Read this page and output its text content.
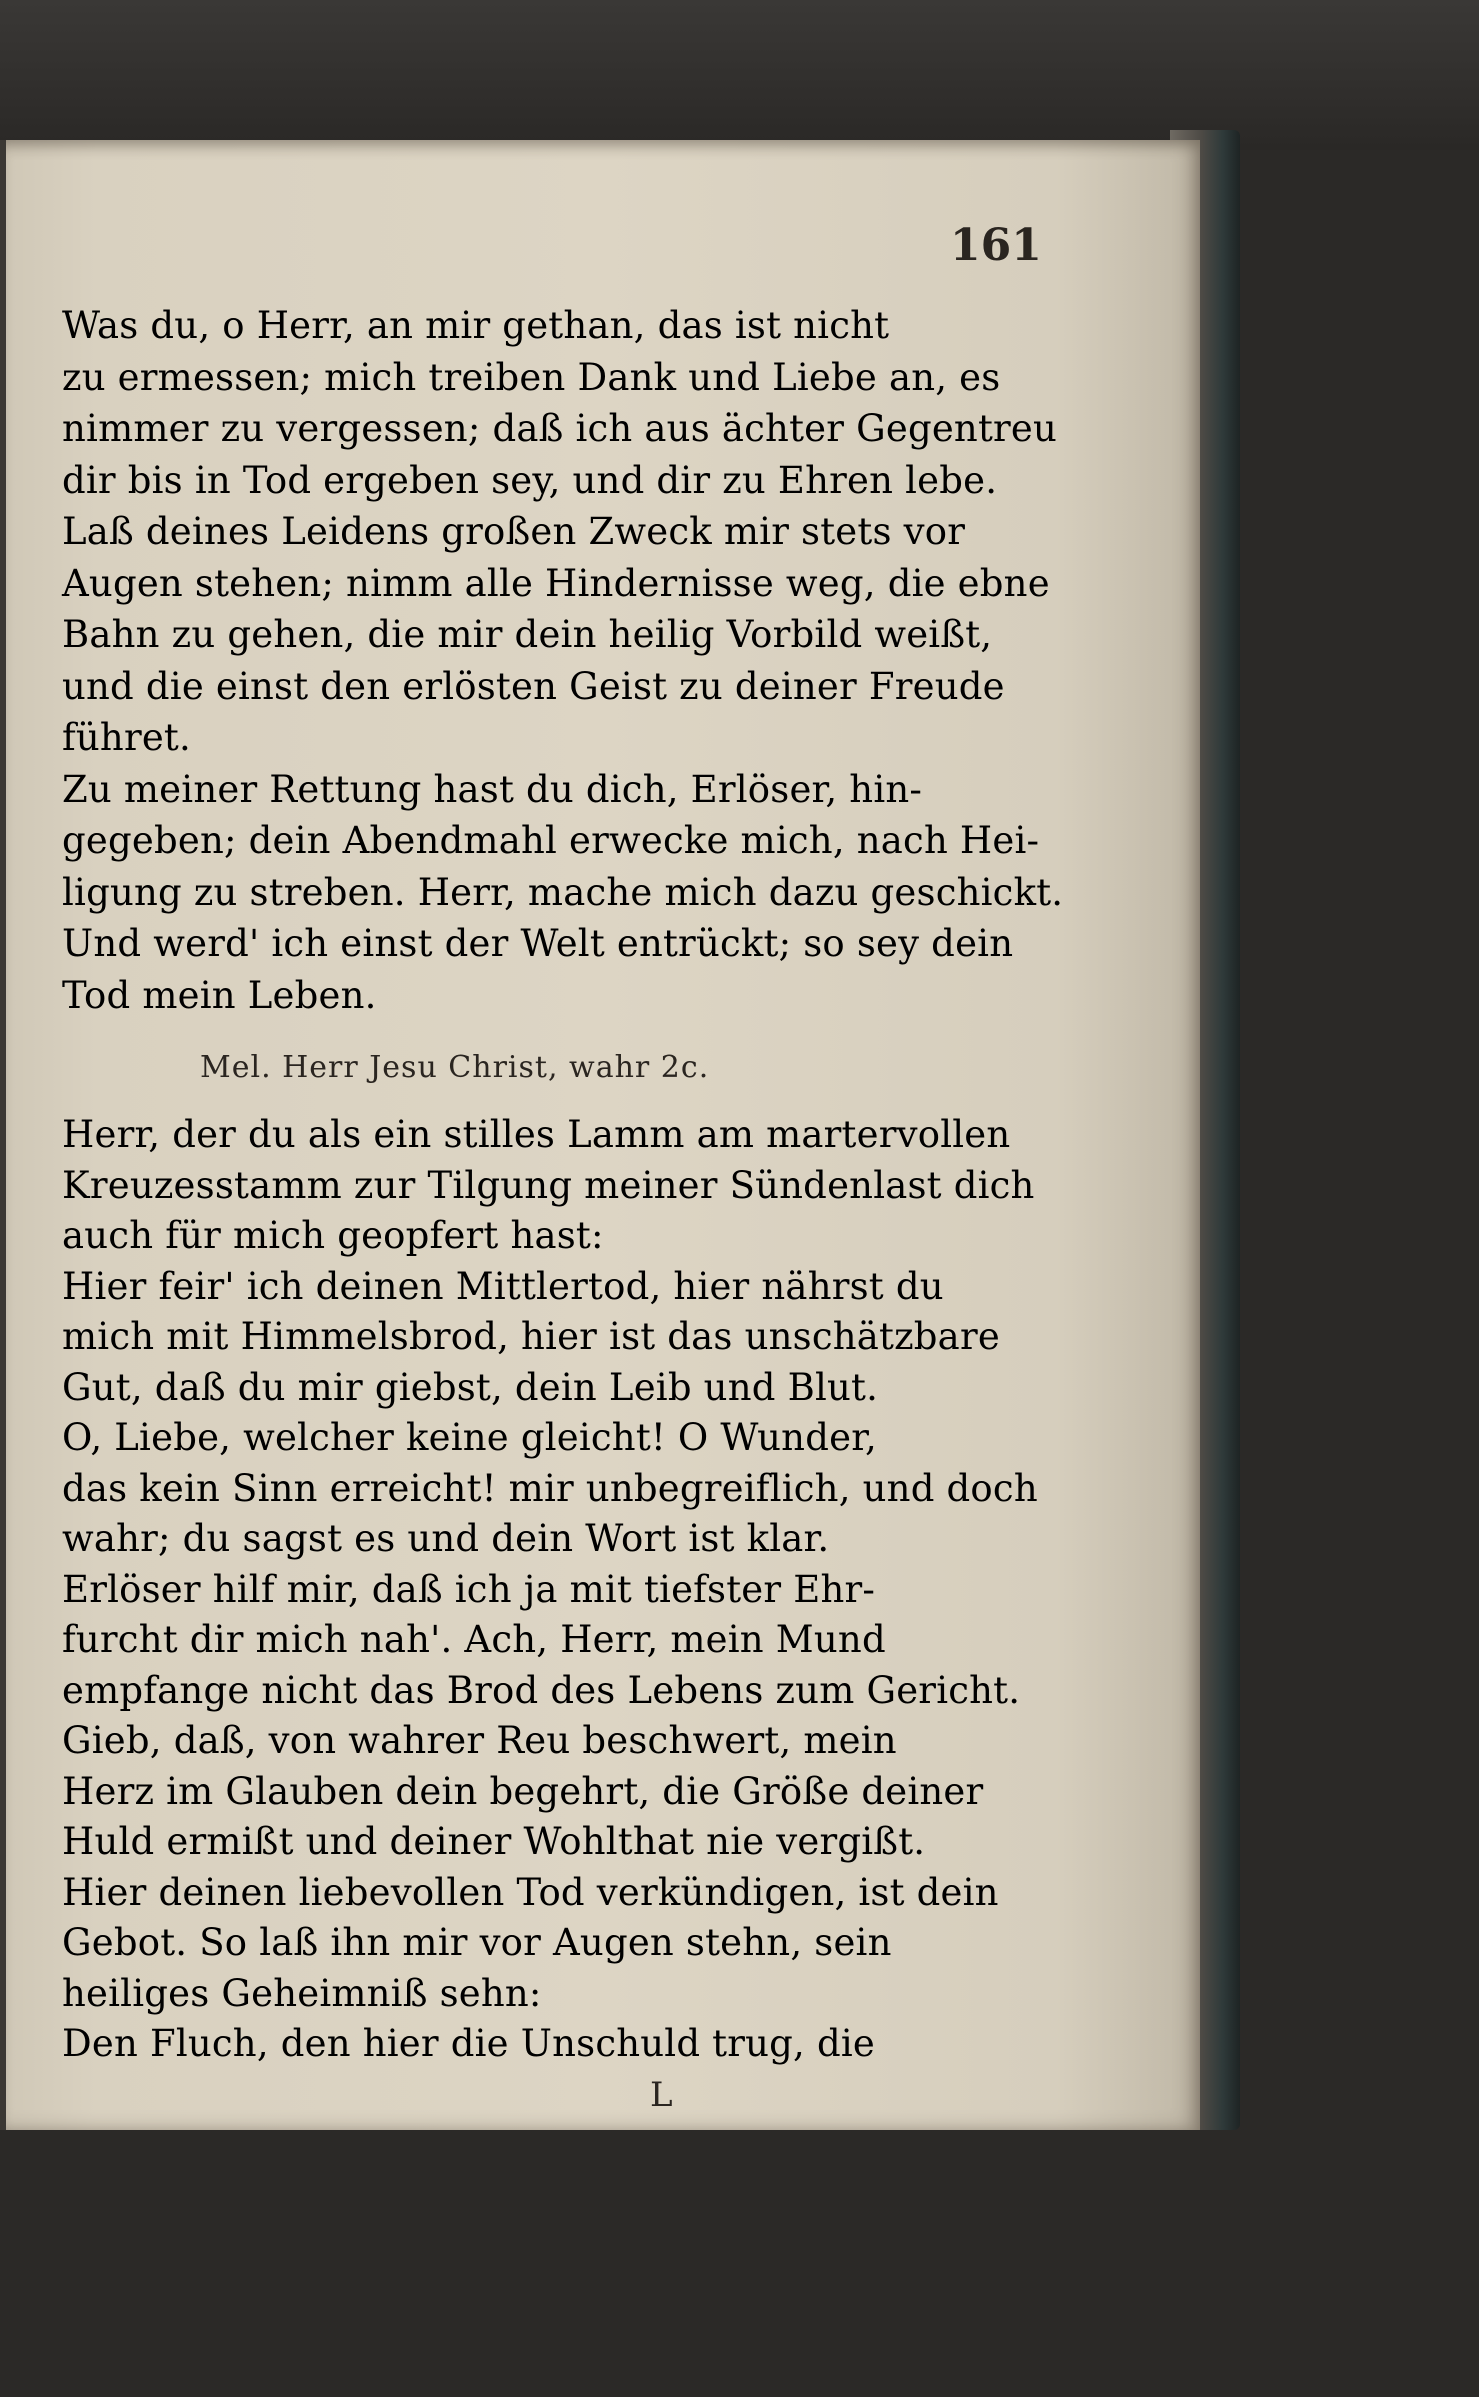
161
Was du, o Herr, an mir gethan, das ist nicht
zu ermessen; mich treiben Dank und Liebe an, es
nimmer zu vergessen; daß ich aus ächter Gegentreu
dir bis in Tod ergeben sey, und dir zu Ehren lebe.
Laß deines Leidens großen Zweck mir stets vor
Augen stehen; nimm alle Hindernisse weg, die ebne
Bahn zu gehen, die mir dein heilig Vorbild weißt,
und die einst den erlösten Geist zu deiner Freude
führet.
Zu meiner Rettung hast du dich, Erlöser, hin-
gegeben; dein Abendmahl erwecke mich, nach Hei-
ligung zu streben. Herr, mache mich dazu geschickt.
Und werd' ich einst der Welt entrückt; so sey dein
Tod mein Leben.
Mel. Herr Jesu Christ, wahr 2c.
Herr, der du als ein stilles Lamm am martervollen
Kreuzesstamm zur Tilgung meiner Sündenlast dich
auch für mich geopfert hast:
Hier feir' ich deinen Mittlertod, hier nährst du
mich mit Himmelsbrod, hier ist das unschätzbare
Gut, daß du mir giebst, dein Leib und Blut.
O, Liebe, welcher keine gleicht! O Wunder,
das kein Sinn erreicht! mir unbegreiflich, und doch
wahr; du sagst es und dein Wort ist klar.
Erlöser hilf mir, daß ich ja mit tiefster Ehr-
furcht dir mich nah'. Ach, Herr, mein Mund
empfange nicht das Brod des Lebens zum Gericht.
Gieb, daß, von wahrer Reu beschwert, mein
Herz im Glauben dein begehrt, die Größe deiner
Huld ermißt und deiner Wohlthat nie vergißt.
Hier deinen liebevollen Tod verkündigen, ist dein
Gebot. So laß ihn mir vor Augen stehn, sein
heiliges Geheimniß sehn:
Den Fluch, den hier die Unschuld trug, die
L
